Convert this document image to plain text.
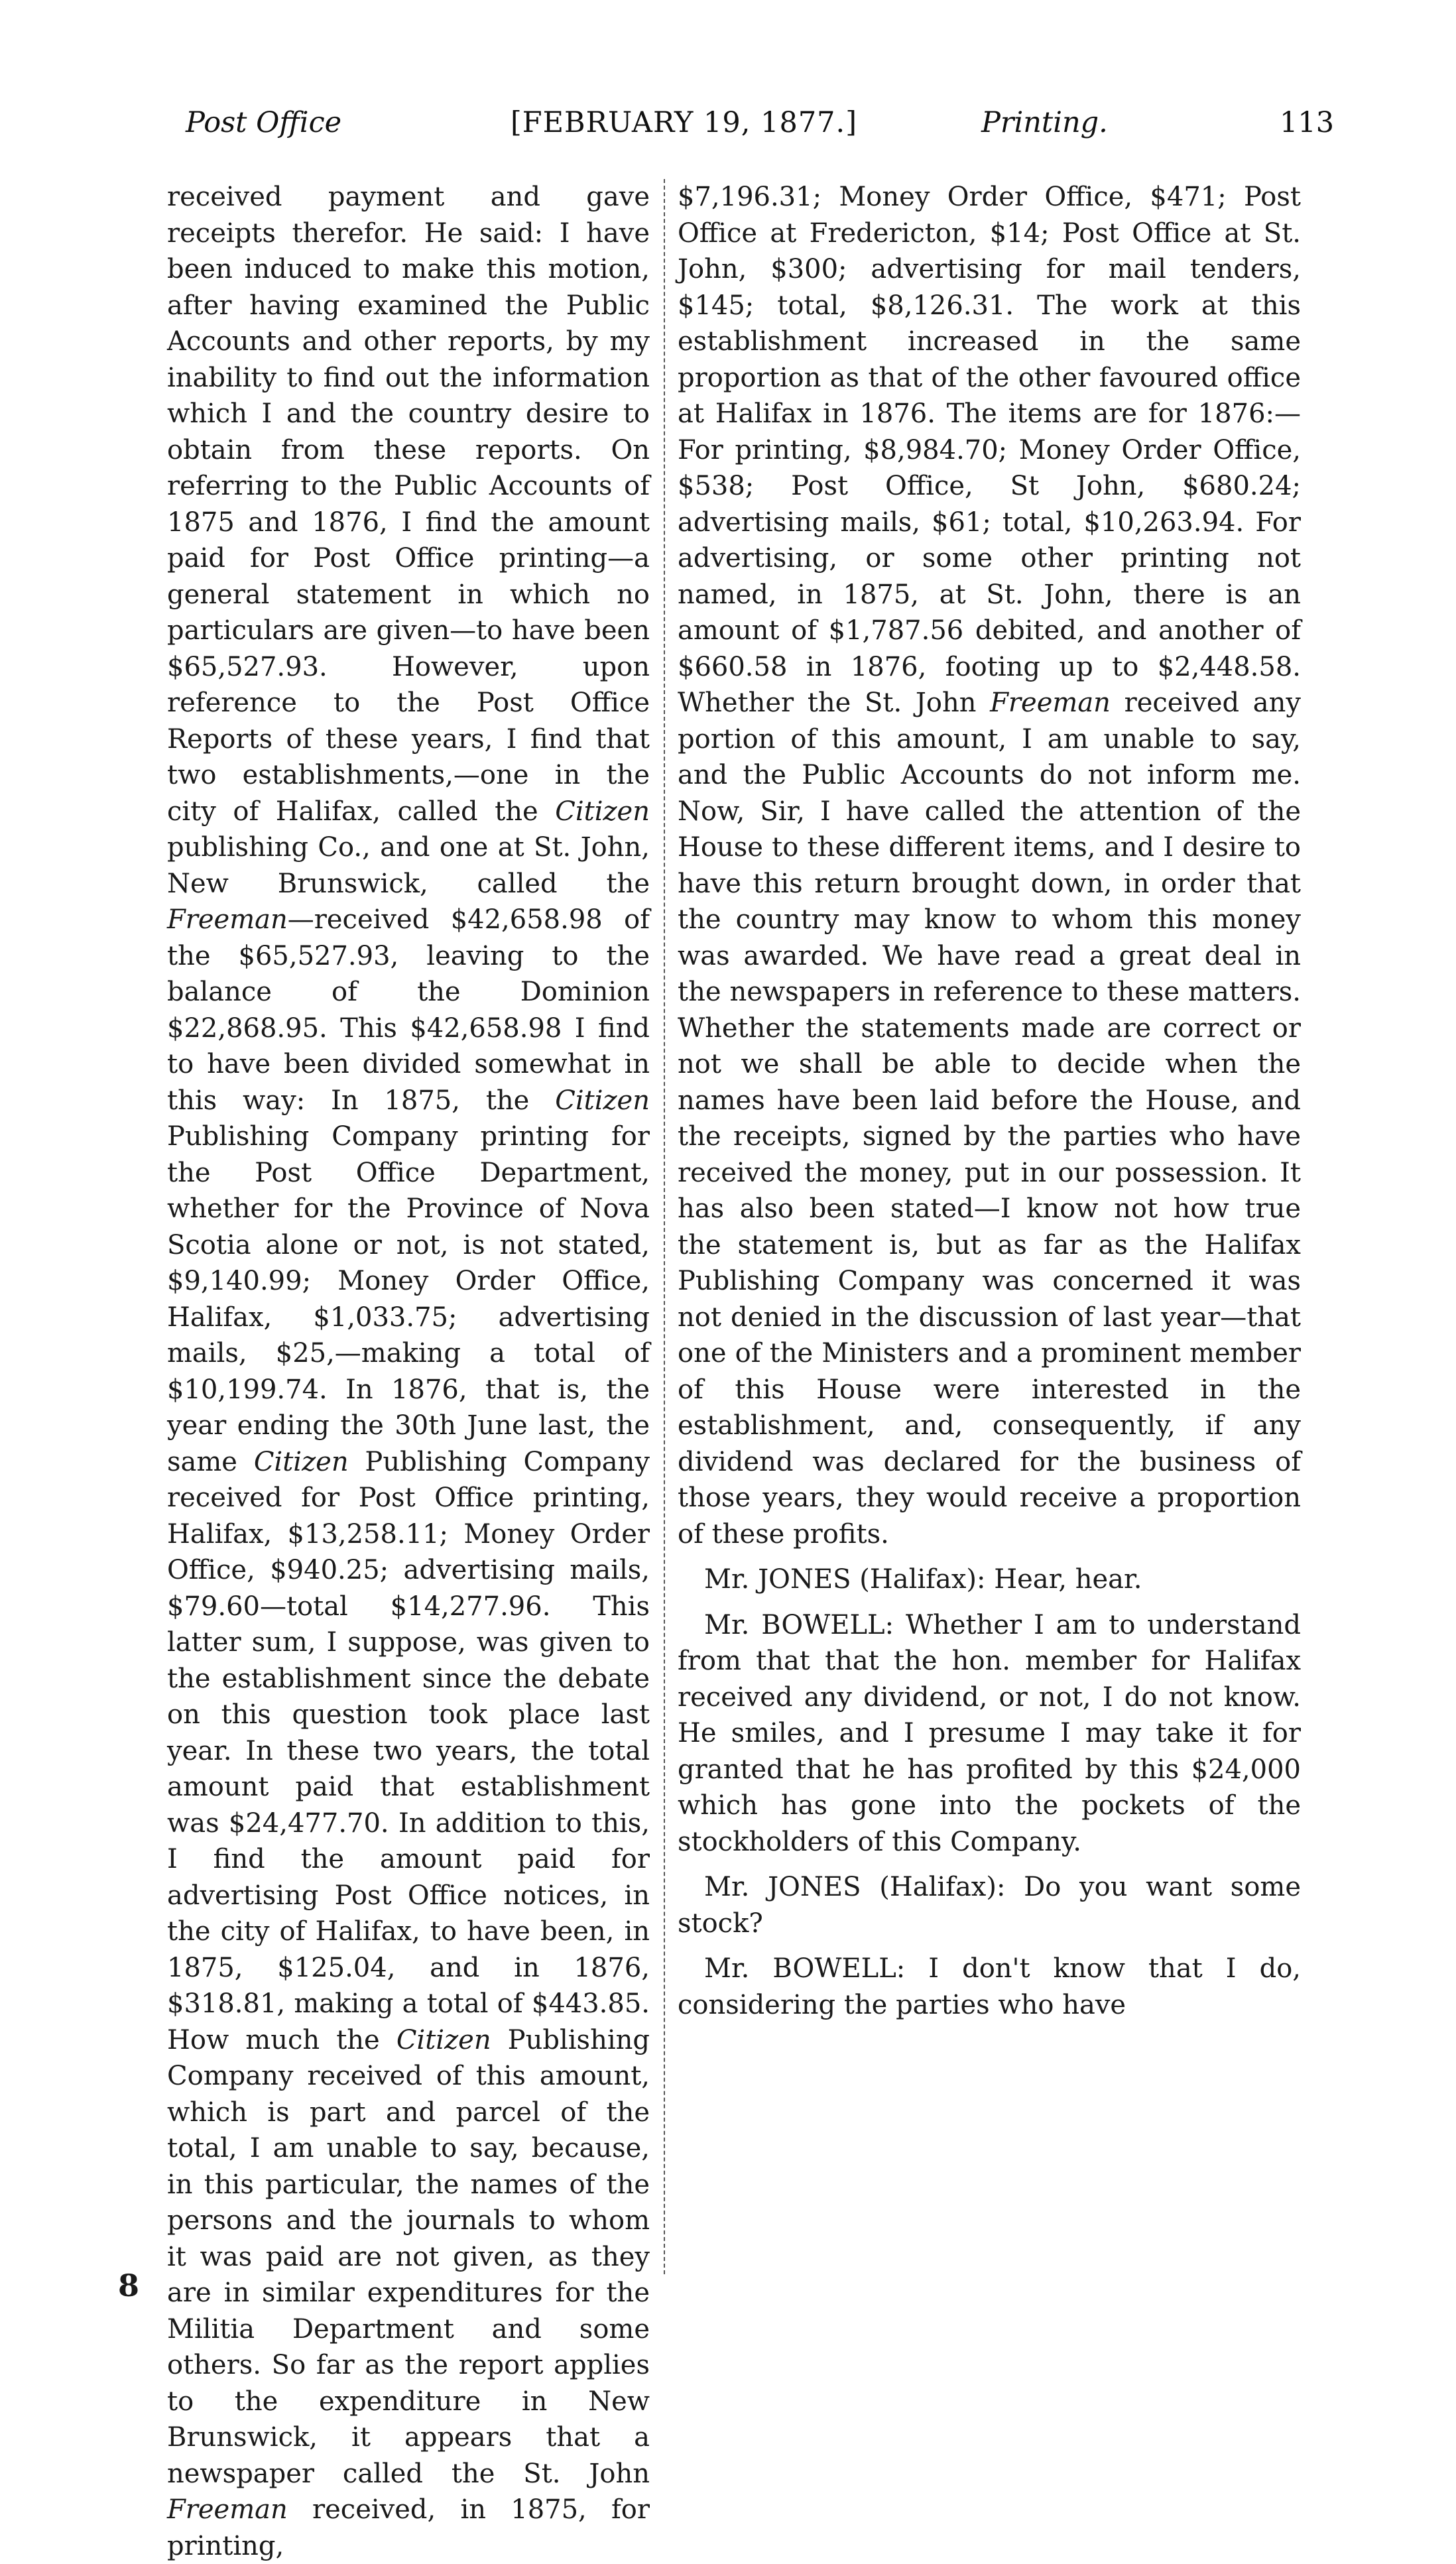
Post Office	[FEBRUARY 19, 1877.]	Printing.	113

received payment and gave receipts therefor. He said: I have been induced to make this motion, after having examined the Public Accounts and other reports, by my inability to find out the information which I and the country desire to obtain from these reports. On referring to the Public Accounts of 1875 and 1876, I find the amount paid for Post Office printing—a general statement in which no particulars are given—to have been $65,527.93. However, upon reference to the Post Office Reports of these years, I find that two establishments,—one in the city of Halifax, called the Citizen publishing Co., and one at St. John, New Brunswick, called the Freeman—received $42,658.98 of the $65,527.93, leaving to the balance of the Dominion $22,868.95. This $42,658.98 I find to have been divided somewhat in this way: In 1875, the Citizen Publishing Company printing for the Post Office Department, whether for the Province of Nova Scotia alone or not, is not stated, $9,140.99; Money Order Office, Halifax, $1,033.75; advertising mails, $25,—making a total of $10,199.74. In 1876, that is, the year ending the 30th June last, the same Citizen Publishing Company received for Post Office printing, Halifax, $13,258.11; Money Order Office, $940.25; advertising mails, $79.60—total $14,277.96. This latter sum, I suppose, was given to the establishment since the debate on this question took place last year. In these two years, the total amount paid that establishment was $24,477.70. In addition to this, I find the amount paid for advertising Post Office notices, in the city of Halifax, to have been, in 1875, $125.04, and in 1876, $318.81, making a total of $443.85. How much the Citizen Publishing Company received of this amount, which is part and parcel of the total, I am unable to say, because, in this particular, the names of the persons and the journals to whom it was paid are not given, as they are in similar expenditures for the Militia Department and some others. So far as the report applies to the expenditure in New Brunswick, it appears that a newspaper called the St. John Freeman received, in 1875, for printing,

$7,196.31; Money Order Office, $471; Post Office at Fredericton, $14; Post Office at St. John, $300; advertising for mail tenders, $145; total, $8,126.31. The work at this establishment increased in the same proportion as that of the other favoured office at Halifax in 1876. The items are for 1876:—For printing, $8,984.70; Money Order Office, $538; Post Office, St John, $680.24; advertising mails, $61; total, $10,263.94. For advertising, or some other printing not named, in 1875, at St. John, there is an amount of $1,787.56 debited, and another of $660.58 in 1876, footing up to $2,448.58. Whether the St. John Freeman received any portion of this amount, I am unable to say, and the Public Accounts do not inform me. Now, Sir, I have called the attention of the House to these different items, and I desire to have this return brought down, in order that the country may know to whom this money was awarded. We have read a great deal in the newspapers in reference to these matters. Whether the statements made are correct or not we shall be able to decide when the names have been laid before the House, and the receipts, signed by the parties who have received the money, put in our possession. It has also been stated—I know not how true the statement is, but as far as the Halifax Publishing Company was concerned it was not denied in the discussion of last year—that one of the Ministers and a prominent member of this House were interested in the establishment, and, consequently, if any dividend was declared for the business of those years, they would receive a proportion of these profits.

Mr. JONES (Halifax): Hear, hear.

Mr. BOWELL: Whether I am to understand from that that the hon. member for Halifax received any dividend, or not, I do not know. He smiles, and I presume I may take it for granted that he has profited by this $24,000 which has gone into the pockets of the stockholders of this Company.

Mr. JONES (Halifax): Do you want some stock?

Mr. BOWELL: I don't know that I do, considering the parties who have

8
